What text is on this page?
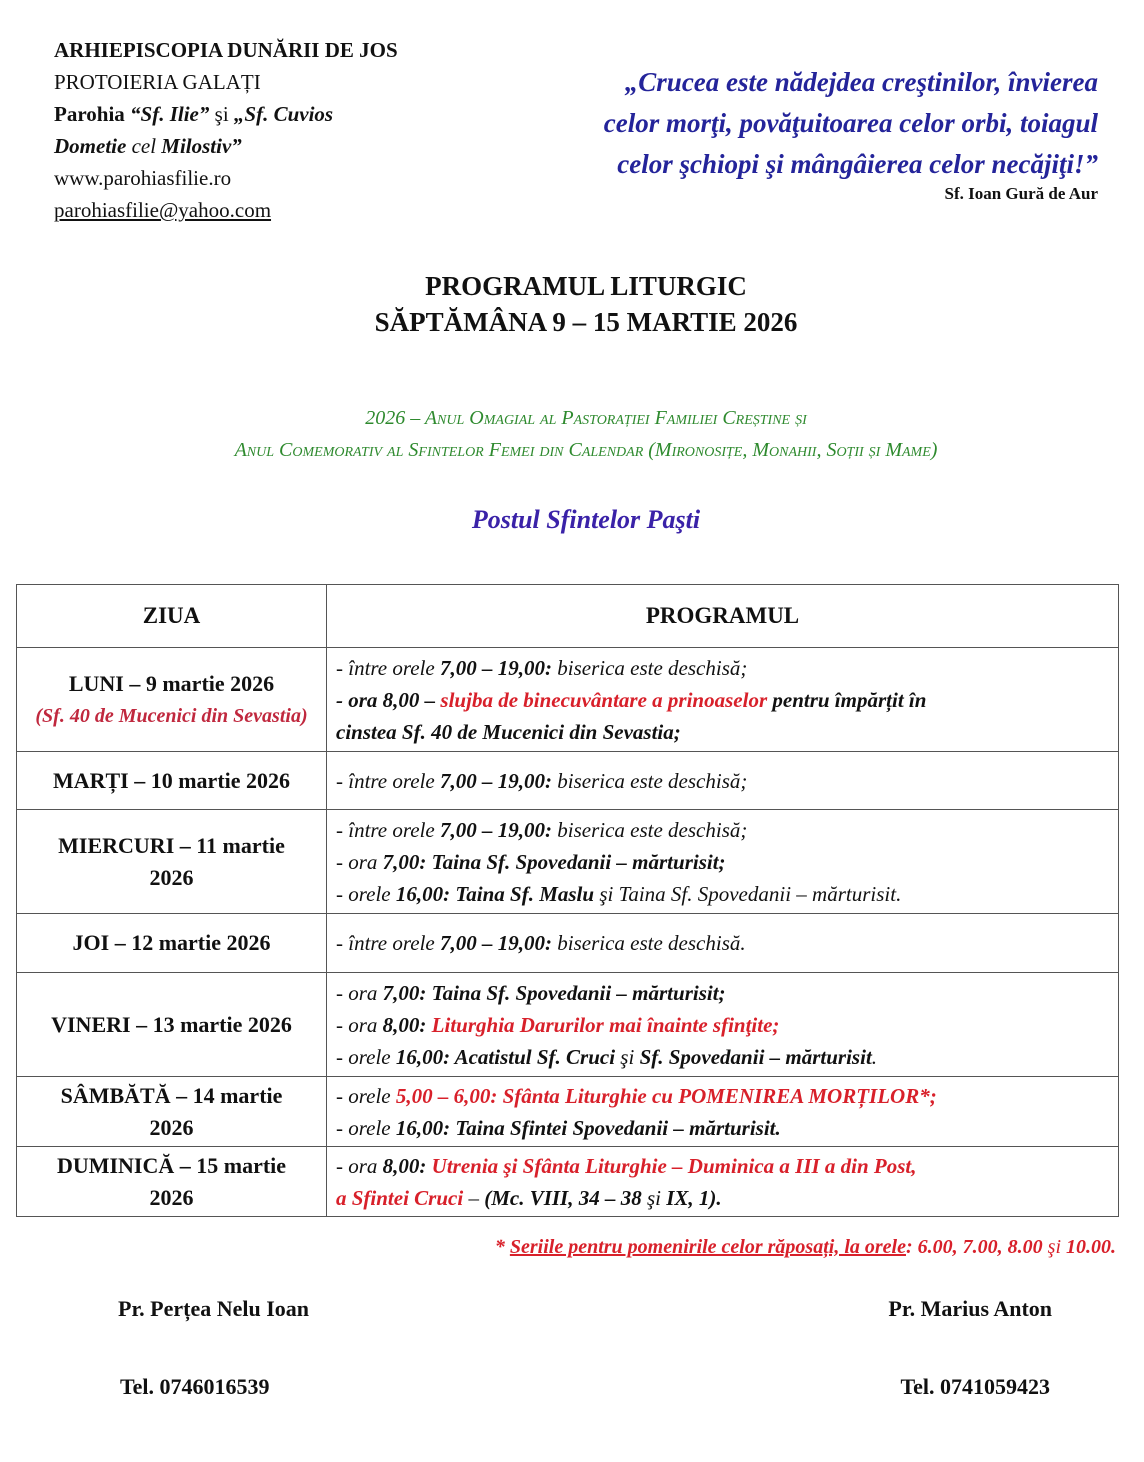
ARHIEPISCOPIA DUNĂRII DE JOS
PROTOIERIA GALAȚI
Parohia “Sf. Ilie” şi „Sf. Cuvios
Dometie cel Milostiv”
www.parohiasfilie.ro
parohiasfilie@yahoo.com
„Crucea este nădejdea creştinilor, învierea
celor morţi, povăţuitoarea celor orbi, toiagul
celor şchiopi şi mângâierea celor necăjiţi!”
Sf. Ioan Gură de Aur
PROGRAMUL LITURGIC
SĂPTĂMÂNA 9 – 15 MARTIE 2026
2026 – Anul Omagial al Pastorației Familiei Creștine și
Anul Comemorativ al Sfintelor Femei din Calendar (Mironosițe, Monahii, Soții și Mame)
Postul Sfintelor Paşti
ZIUA	PROGRAMUL

LUNI – 9 martie 2026
(Sf. 40 de Mucenici din Sevastia)	- între orele 7,00 – 19,00: biserica este deschisă;
- ora 8,00 – slujba de binecuvântare a prinoaselor pentru împărțit în
cinstea Sf. 40 de Mucenici din Sevastia;

MARȚI – 10 martie 2026	- între orele 7,00 – 19,00: biserica este deschisă;

MIERCURI – 11 martie 2026	- între orele 7,00 – 19,00: biserica este deschisă;
- ora 7,00: Taina Sf. Spovedanii – mărturisit;
- orele 16,00: Taina Sf. Maslu şi Taina Sf. Spovedanii – mărturisit.

JOI – 12 martie 2026	- între orele 7,00 – 19,00: biserica este deschisă.

VINERI – 13 martie 2026	- ora 7,00: Taina Sf. Spovedanii – mărturisit;
- ora 8,00: Liturghia Darurilor mai înainte sfinţite;
- orele 16,00: Acatistul Sf. Cruci şi Sf. Spovedanii – mărturisit.

SÂMBĂTĂ – 14 martie 2026	- orele 5,00 – 6,00: Sfânta Liturghie cu POMENIREA MORȚILOR*;
- orele 16,00: Taina Sfintei Spovedanii – mărturisit.

DUMINICĂ – 15 martie 2026	- ora 8,00: Utrenia şi Sfânta Liturghie – Duminica a III a din Post,
a Sfintei Cruci – (Mc. VIII, 34 – 38 şi IX, 1).
* Seriile pentru pomenirile celor răposați, la orele: 6.00, 7.00, 8.00 şi 10.00.
Pr. Perțea Nelu Ioan
Tel. 0746016539
Pr. Marius Anton
Tel. 0741059423
